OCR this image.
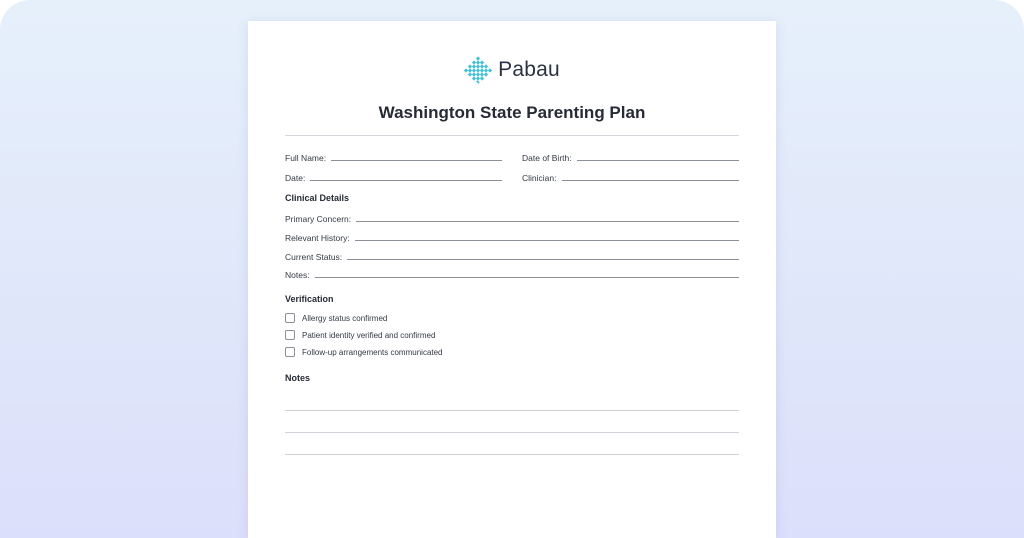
Pabau
Washington State Parenting Plan
Full Name:	Date of Birth:
Date:	Clinician:
Clinical Details
Primary Concern:
Relevant History:
Current Status:
Notes:
Verification
Allergy status confirmed
Patient identity verified and confirmed
Follow-up arrangements communicated
Notes
